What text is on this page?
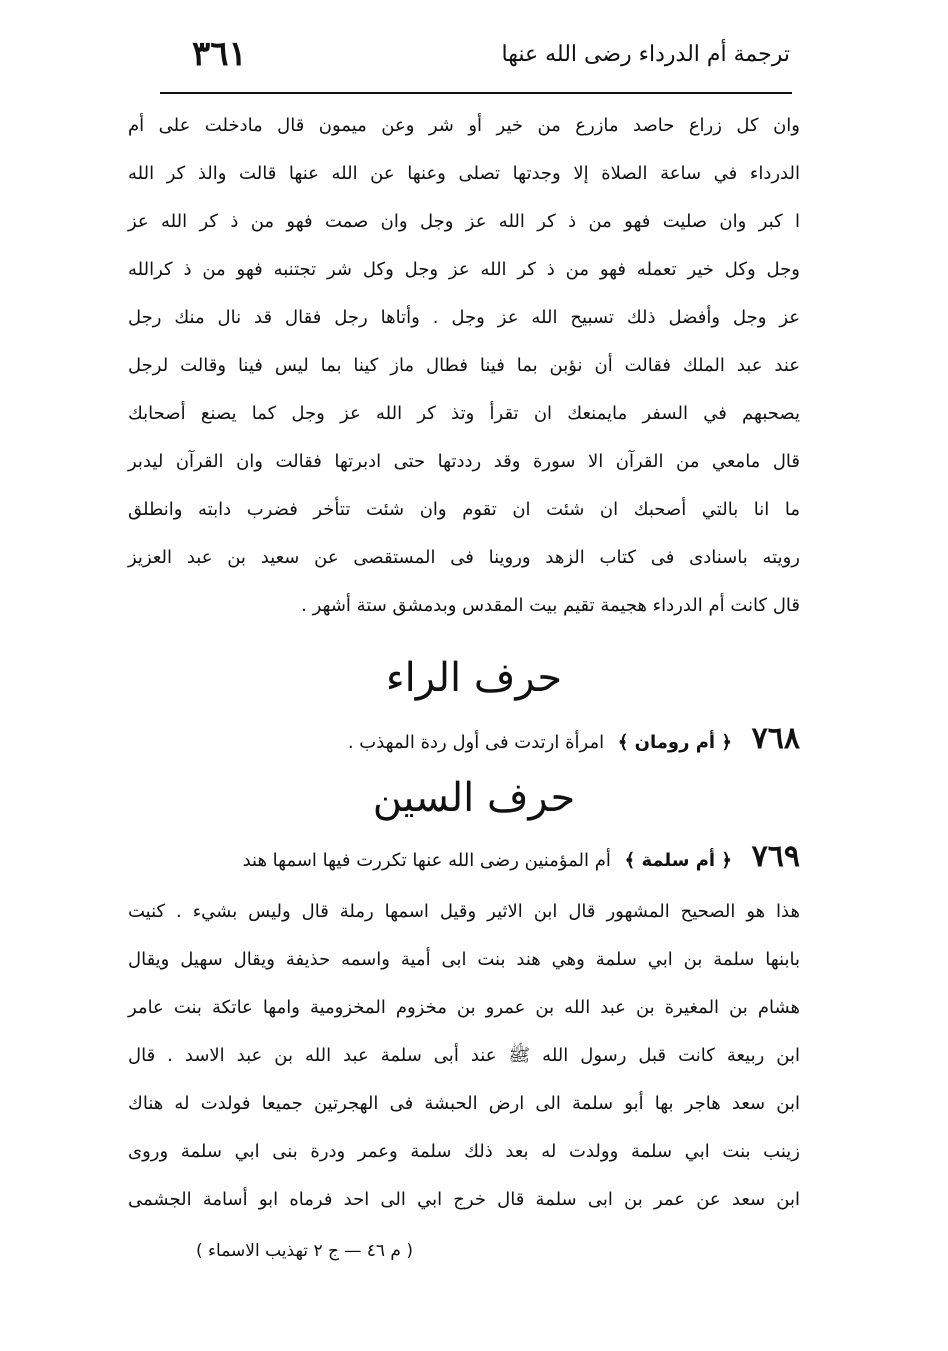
ترجمة أم الدرداء رضى الله عنها
٣٦١
وان كل زراع حاصد مازرع من خير أو شر وعن ميمون قال مادخلت على أم
الدرداء في ساعة الصلاة إلا وجدتها تصلى وعنها عن الله عنها قالت والذ كر الله
ا كبر وان صليت فهو من ذ كر الله عز وجل وان صمت فهو من ذ كر الله عز
وجل وكل خير تعمله فهو من ذ كر الله عز وجل وكل شر تجتنبه فهو من ذ كرالله
عز وجل وأفضل ذلك تسبيح الله عز وجل . وأتاها رجل فقال قد نال منك رجل
عند عبد الملك فقالت أن نؤبن بما فينا فطال ماز كينا بما ليس فينا وقالت لرجل
يصحبهم في السفر مايمنعك ان تقرأ وتذ كر الله عز وجل كما يصنع أصحابك
قال مامعي من القرآن الا سورة وقد رددتها حتى ادبرتها فقالت وان القرآن ليدبر
ما انا بالتي أصحبك ان شئت ان تقوم وان شئت تتأخر فضرب دابته وانطلق
رويته باسنادى فى كتاب الزهد وروينا فى المستقصى عن سعيد بن عبد العزيز
قال كانت أم الدرداء هجيمة تقيم بيت المقدس وبدمشق ستة أشهر .
حرف الراء
٧٦٨ ﴿ أم رومان ﴾ امرأة ارتدت فى أول ردة المهذب .
حرف السين
٧٦٩ ﴿ أم سلمة ﴾ أم المؤمنين رضى الله عنها تكررت فيها اسمها هند
هذا هو الصحيح المشهور قال ابن الاثير وقيل اسمها رملة قال وليس بشيء . كنيت
بابنها سلمة بن ابي سلمة وهي هند بنت ابى أمية واسمه حذيفة ويقال سهيل ويقال
هشام بن المغيرة بن عبد الله بن عمرو بن مخزوم المخزومية وامها عاتكة بنت عامر
ابن ربيعة كانت قبل رسول الله ﷺ عند أبى سلمة عبد الله بن عبد الاسد . قال
ابن سعد هاجر بها أبو سلمة الى ارض الحبشة فى الهجرتين جميعا فولدت له هناك
زينب بنت ابي سلمة وولدت له بعد ذلك سلمة وعمر ودرة بنى ابي سلمة وروى
ابن سعد عن عمر بن ابى سلمة قال خرج ابي الى احد فرماه ابو أسامة الجشمى
( م ٤٦ — ج ٢ تهذيب الاسماء )
